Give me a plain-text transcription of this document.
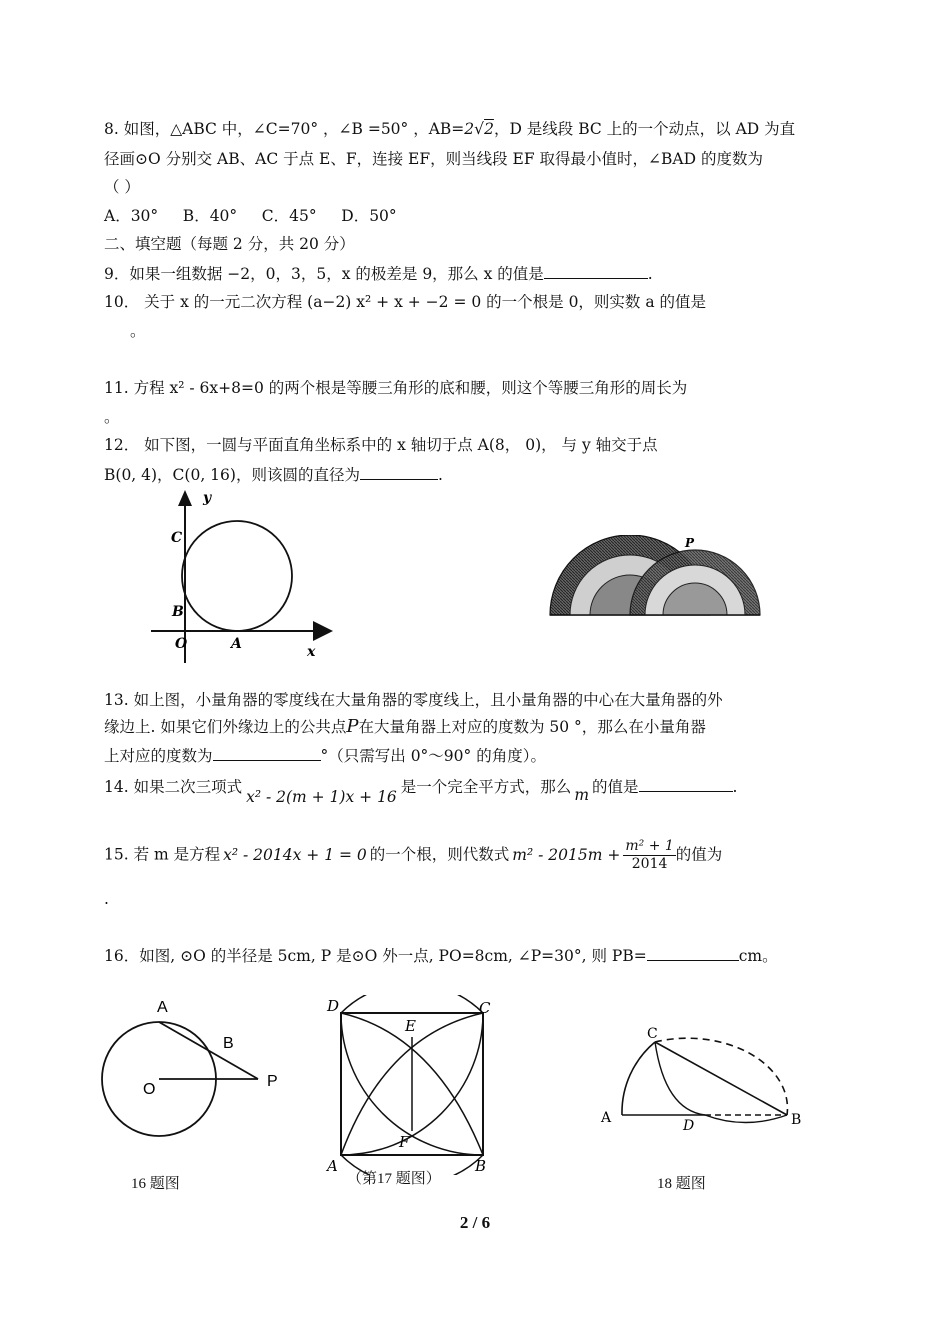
8. 如图，△ABC 中，∠C=70° ，∠B =50° ，AB=2√2，D 是线段 BC 上的一个动点，以 AD 为直
径画⊙O 分别交 AB、AC 于点 E、F，连接 EF，则当线段 EF 取得最小值时，∠BAD 的度数为
（ ）
A．30°     B．40°     C．45°     D．50°
二、填空题（每题 2 分，共 20 分）
9．如果一组数据 −2，0，3，5，x 的极差是 9，那么 x 的值是	.
10． 关于 x 的一元二次方程 (a−2) x² + x + −2 = 0 的一个根是 0，则实数 a 的值是
。
11. 方程 x² - 6x+8=0 的两个根是等腰三角形的底和腰，则这个等腰三角形的周长为
。
12． 如下图，一圆与平面直角坐标系中的 x 轴切于点 A(8， 0)， 与 y 轴交于点
B(0, 4)，C(0, 16)，则该圆的直径为	.
y
x
C
B
O	A
P
13. 如上图，小量角器的零度线在大量角器的零度线上，且小量角器的中心在大量角器的外
缘边上. 如果它们外缘边上的公共点P在大量角器上对应的度数为 50 °，那么在小量角器
上对应的度数为	°（只需写出 0°～90° 的角度）。
14. 如果二次三项式x² - 2(m + 1)x + 16是一个完全平方式，那么 m 的值是	.
15. 若 m 是方程 x² - 2014x + 1 = 0 的一个根，则代数式 $m^2 - 2015m + \frac{\text{m² + 1}}{2014}$ 的值为
.
16．如图, ⊙O 的半径是 5cm, P 是⊙O 外一点, PO=8cm, ∠P=30°, 则 PB=	cm。
A
B
O	P
16 题图
D	C
E
F
A	B
（第17 题图）
C
A	D	B
18 题图
2 / 6
